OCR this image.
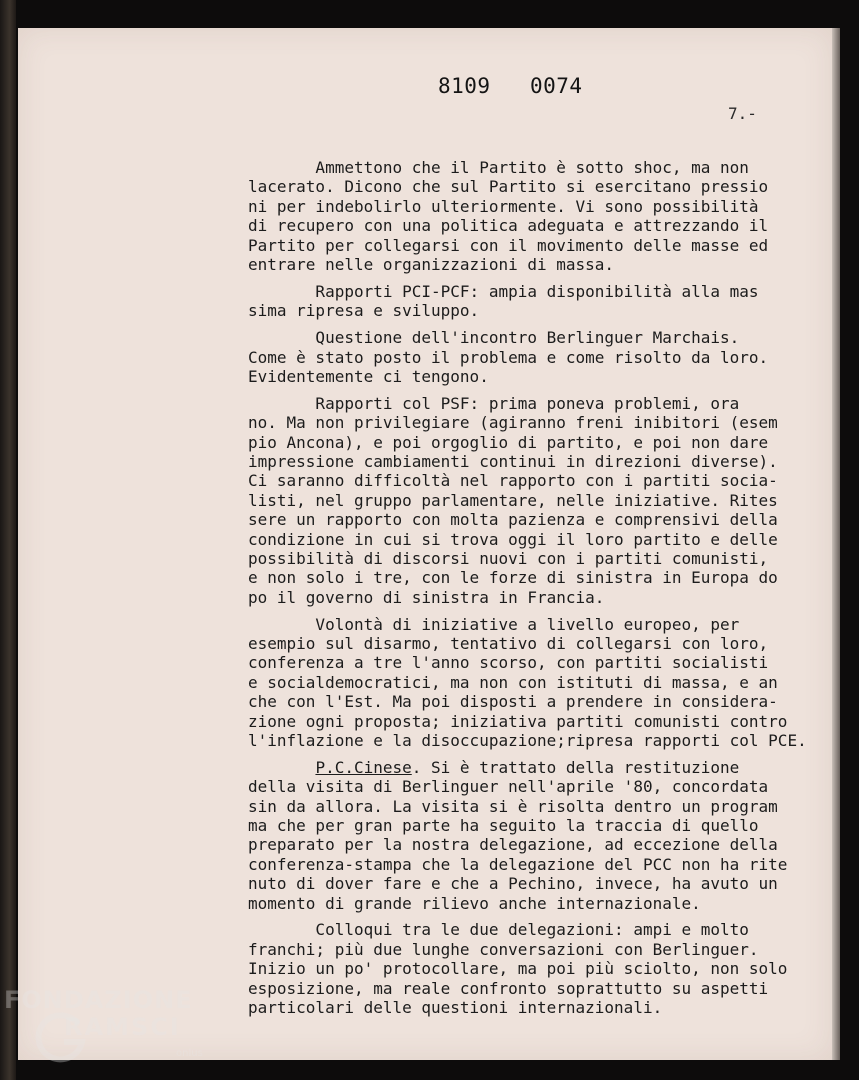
8109   0074
7.-
Ammettono che il Partito è sotto shoc, ma non
lacerato. Dicono che sul Partito si esercitano pressio
ni per indebolirlo ulteriormente. Vi sono possibilità
di recupero con una politica adeguata e attrezzando il
Partito per collegarsi con il movimento delle masse ed
entrare nelle organizzazioni di massa.
Rapporti PCI-PCF: ampia disponibilità alla mas
sima ripresa e sviluppo.
Questione dell'incontro Berlinguer Marchais.
Come è stato posto il problema e come risolto da loro.
Evidentemente ci tengono.
Rapporti col PSF: prima poneva problemi, ora
no. Ma non privilegiare (agiranno freni inibitori (esem
pio Ancona), e poi orgoglio di partito, e poi non dare
impressione cambiamenti continui in direzioni diverse).
Ci saranno difficoltà nel rapporto con i partiti socia-
listi, nel gruppo parlamentare, nelle iniziative. Rites
sere un rapporto con molta pazienza e comprensivi della
condizione in cui si trova oggi il loro partito e delle
possibilità di discorsi nuovi con i partiti comunisti,
e non solo i tre, con le forze di sinistra in Europa do
po il governo di sinistra in Francia.
Volontà di iniziative a livello europeo, per
esempio sul disarmo, tentativo di collegarsi con loro,
conferenza a tre l'anno scorso, con partiti socialisti
e socialdemocratici, ma non con istituti di massa, e an
che con l'Est. Ma poi disposti a prendere in considera-
zione ogni proposta; iniziativa partiti comunisti contro
l'inflazione e la disoccupazione;ripresa rapporti col PCE.
P.C.Cinese. Si è trattato della restituzione
della visita di Berlinguer nell'aprile '80, concordata
sin da allora. La visita si è risolta dentro un program
ma che per gran parte ha seguito la traccia di quello
preparato per la nostra delegazione, ad eccezione della
conferenza-stampa che la delegazione del PCC non ha rite
nuto di dover fare e che a Pechino, invece, ha avuto un
momento di grande rilievo anche internazionale.
Colloqui tra le due delegazioni: ampi e molto
franchi; più due lunghe conversazioni con Berlinguer.
Inizio un po' protocollare, ma poi più sciolto, non solo
esposizione, ma reale confronto soprattutto su aspetti
particolari delle questioni internazionali.
FONDAZIONE
RAMSCI
onlus
